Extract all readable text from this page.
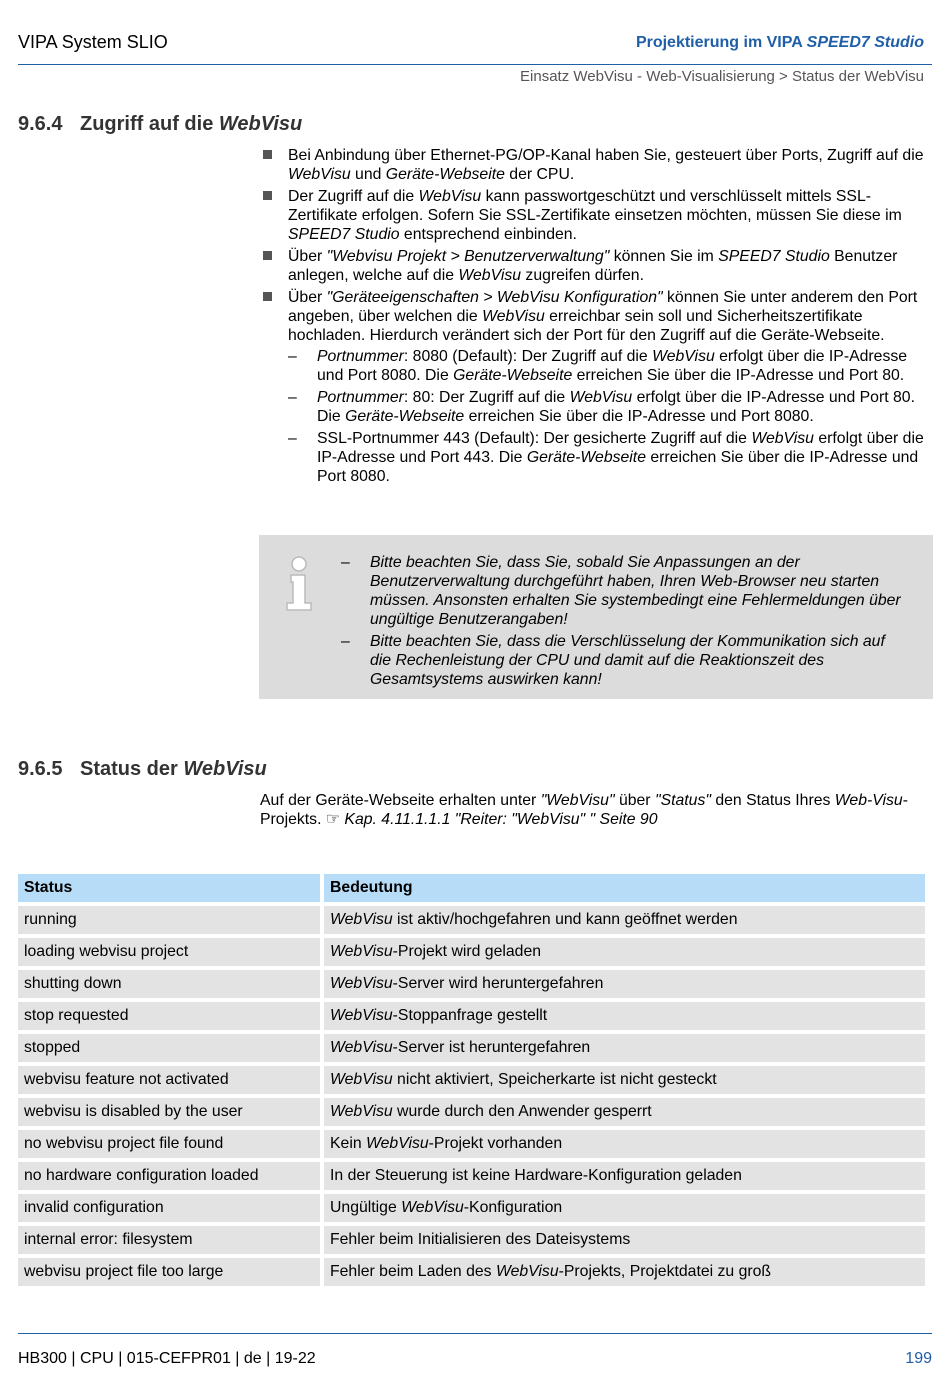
VIPA System SLIO	Projektierung im VIPA SPEED7 Studio
Einsatz WebVisu - Web-Visualisierung > Status der WebVisu
9.6.4 Zugriff auf die WebVisu
Bei Anbindung über Ethernet-PG/OP-Kanal haben Sie, gesteuert über Ports, Zugriff auf die WebVisu und Geräte-Webseite der CPU.
Der Zugriff auf die WebVisu kann passwortgeschützt und verschlüsselt mittels SSL-Zertifikate erfolgen. Sofern Sie SSL-Zertifikate einsetzen möchten, müssen Sie diese im SPEED7 Studio entsprechend einbinden.
Über "Webvisu Projekt > Benutzerverwaltung" können Sie im SPEED7 Studio Benutzer anlegen, welche auf die WebVisu zugreifen dürfen.
Über "Geräteeigenschaften > WebVisu Konfiguration" können Sie unter anderem den Port angeben, über welchen die WebVisu erreichbar sein soll und Sicherheitszertifikate hochladen. Hierdurch verändert sich der Port für den Zugriff auf die Geräte-Webseite.
– Portnummer: 8080 (Default): Der Zugriff auf die WebVisu erfolgt über die IP-Adresse und Port 8080. Die Geräte-Webseite erreichen Sie über die IP-Adresse und Port 80.
– Portnummer: 80: Der Zugriff auf die WebVisu erfolgt über die IP-Adresse und Port 80. Die Geräte-Webseite erreichen Sie über die IP-Adresse und Port 8080.
– SSL-Portnummer 443 (Default): Der gesicherte Zugriff auf die WebVisu erfolgt über die IP-Adresse und Port 443. Die Geräte-Webseite erreichen Sie über die IP-Adresse und Port 8080.
– Bitte beachten Sie, dass Sie, sobald Sie Anpassungen an der Benutzerverwaltung durchgeführt haben, Ihren Web-Browser neu starten müssen. Ansonsten erhalten Sie systembedingt eine Fehlermeldungen über ungültige Benutzerangaben!
– Bitte beachten Sie, dass die Verschlüsselung der Kommunikation sich auf die Rechenleistung der CPU und damit auf die Reaktionszeit des Gesamtsystems auswirken kann!
9.6.5 Status der WebVisu
Auf der Geräte-Webseite erhalten unter "WebVisu" über "Status" den Status Ihres Web-Visu-Projekts. ☞ Kap. 4.11.1.1.1 "Reiter: "WebVisu" " Seite 90
Status	Bedeutung
running	WebVisu ist aktiv/hochgefahren und kann geöffnet werden
loading webvisu project	WebVisu-Projekt wird geladen
shutting down	WebVisu-Server wird heruntergefahren
stop requested	WebVisu-Stoppanfrage gestellt
stopped	WebVisu-Server ist heruntergefahren
webvisu feature not activated	WebVisu nicht aktiviert, Speicherkarte ist nicht gesteckt
webvisu is disabled by the user	WebVisu wurde durch den Anwender gesperrt
no webvisu project file found	Kein WebVisu-Projekt vorhanden
no hardware configuration loaded	In der Steuerung ist keine Hardware-Konfiguration geladen
invalid configuration	Ungültige WebVisu-Konfiguration
internal error: filesystem	Fehler beim Initialisieren des Dateisystems
webvisu project file too large	Fehler beim Laden des WebVisu-Projekts, Projektdatei zu groß
HB300 | CPU | 015-CEFPR01 | de | 19-22	199
